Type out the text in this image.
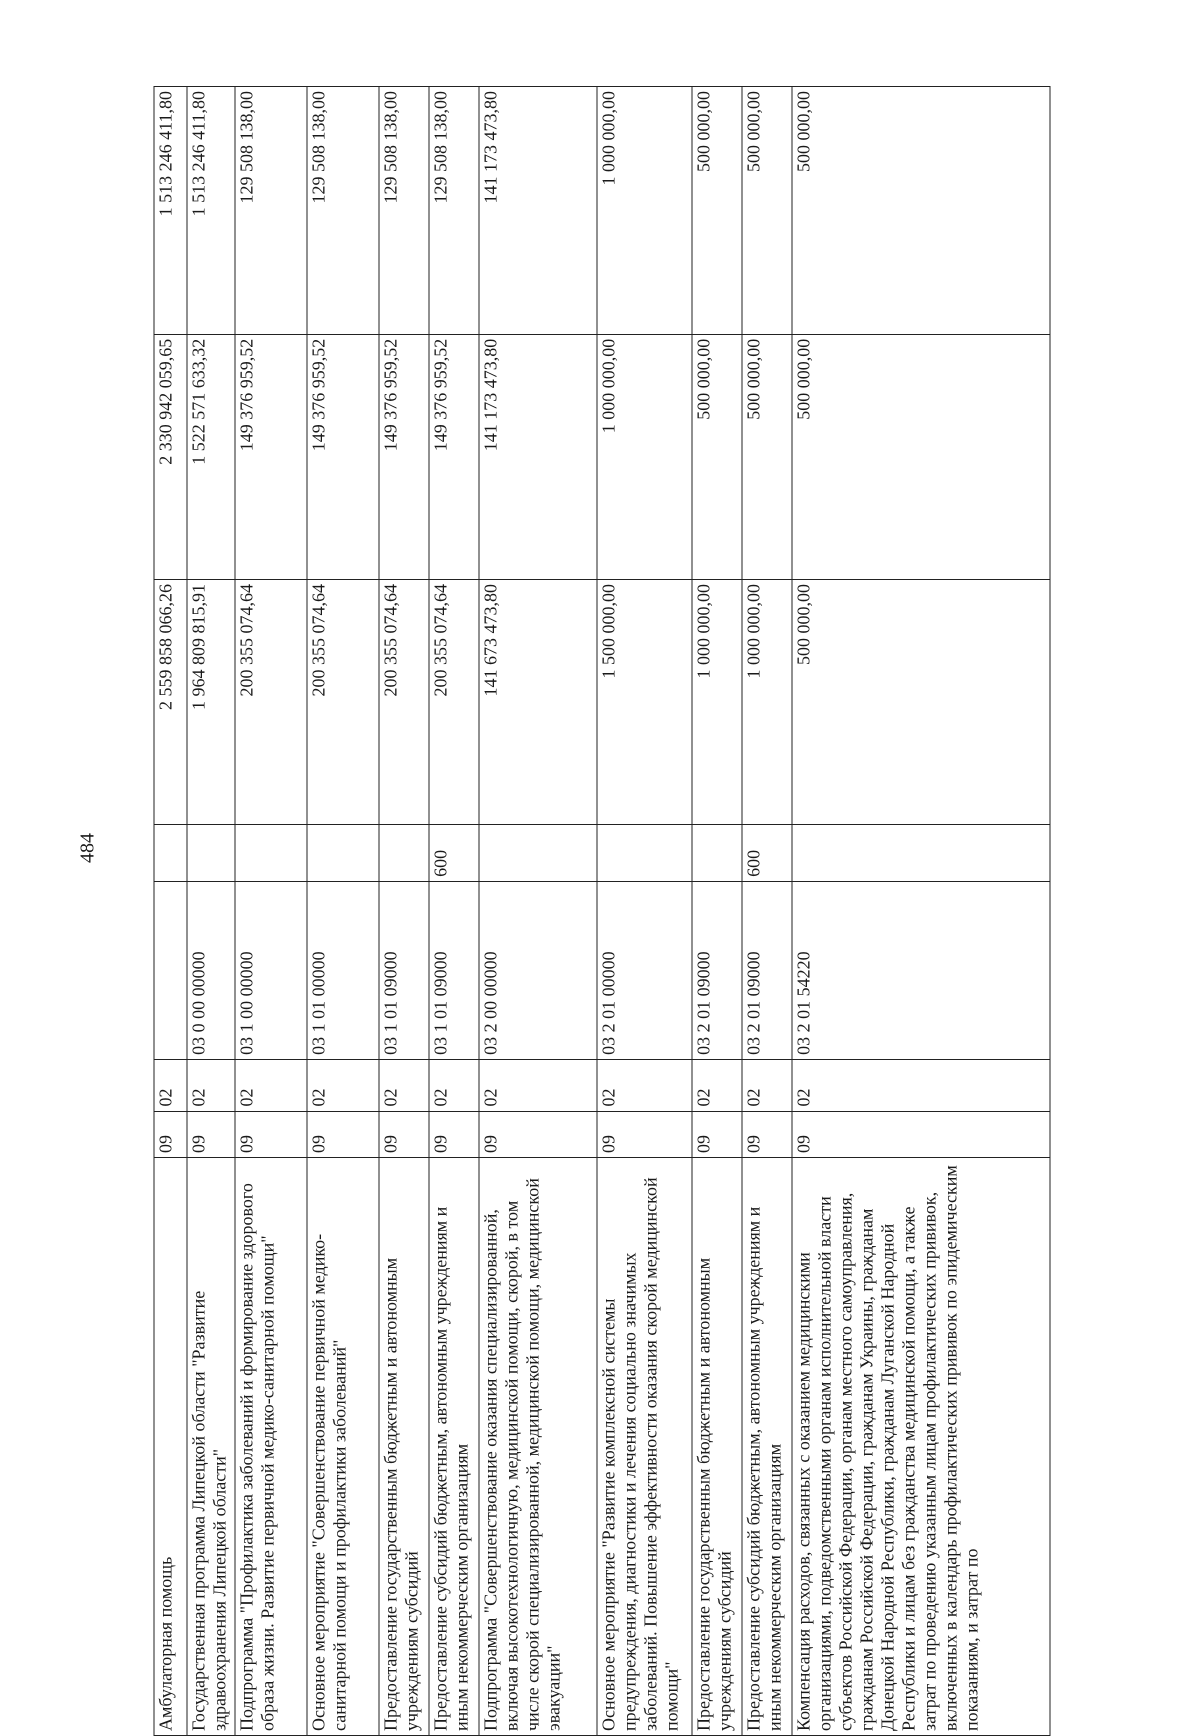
484
Амбулаторная помощь	09	02			2 559 858 066,26	2 330 942 059,65	1 513 246 411,80
Государственная программа Липецкой области "Развитие здравоохранения Липецкой области"	09	02	03 0 00 00000		1 964 809 815,91	1 522 571 633,32	1 513 246 411,80
Подпрограмма "Профилактика заболеваний и формирование здорового образа жизни. Развитие первичной медико-санитарной помощи"	09	02	03 1 00 00000		200 355 074,64	149 376 959,52	129 508 138,00
Основное мероприятие "Совершенствование первичной медико-санитарной помощи и профилактики заболеваний"	09	02	03 1 01 00000		200 355 074,64	149 376 959,52	129 508 138,00
Предоставление государственным бюджетным и автономным учреждениям субсидий	09	02	03 1 01 09000		200 355 074,64	149 376 959,52	129 508 138,00
Предоставление субсидий бюджетным, автономным учреждениям и иным некоммерческим организациям	09	02	03 1 01 09000	600	200 355 074,64	149 376 959,52	129 508 138,00
Подпрограмма "Совершенствование оказания специализированной, включая высокотехнологичную, медицинской помощи, скорой, в том числе скорой специализированной, медицинской помощи, медицинской эвакуации"	09	02	03 2 00 00000		141 673 473,80	141 173 473,80	141 173 473,80
Основное мероприятие "Развитие комплексной системы предупреждения, диагностики и лечения социально значимых заболеваний. Повышение эффективности оказания скорой медицинской помощи"	09	02	03 2 01 00000		1 500 000,00	1 000 000,00	1 000 000,00
Предоставление государственным бюджетным и автономным учреждениям субсидий	09	02	03 2 01 09000		1 000 000,00	500 000,00	500 000,00
Предоставление субсидий бюджетным, автономным учреждениям и иным некоммерческим организациям	09	02	03 2 01 09000	600	1 000 000,00	500 000,00	500 000,00
Компенсация расходов, связанных с оказанием медицинскими организациями, подведомственными органам исполнительной власти субъектов Российской Федерации, органам местного самоуправления, гражданам Российской Федерации, гражданам Украины, гражданам Донецкой Народной Республики, гражданам Луганской Народной Республики и лицам без гражданства медицинской помощи, а также затрат по проведению указанным лицам профилактических прививок, включенных в календарь профилактических прививок по эпидемическим показаниям, и затрат по	09	02	03 2 01 54220		500 000,00	500 000,00	500 000,00
